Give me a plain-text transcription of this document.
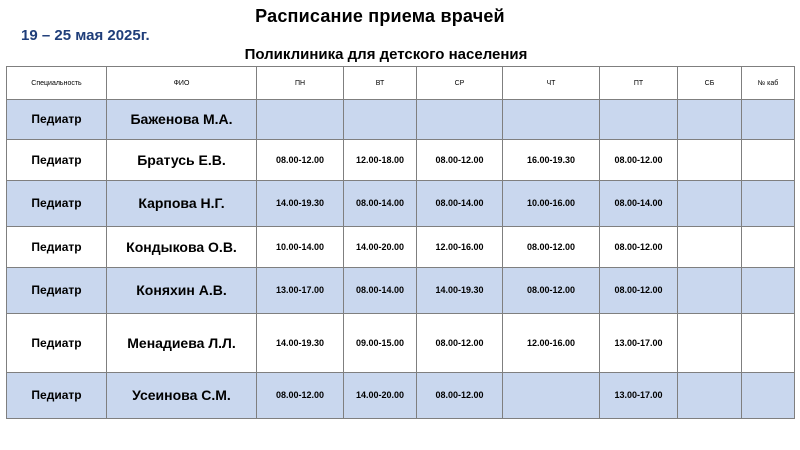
Расписание приема врачей
19 – 25 мая 2025г.
Поликлиника для детского населения
Специальность	ФИО	ПН	ВТ	СР	ЧТ	ПТ	СБ	№ каб
Педиатр	Баженова М.А.							
Педиатр	Братусь Е.В.	08.00-12.00	12.00-18.00	08.00-12.00	16.00-19.30	08.00-12.00		
Педиатр	Карпова Н.Г.	14.00-19.30	08.00-14.00	08.00-14.00	10.00-16.00	08.00-14.00		
Педиатр	Кондыкова О.В.	10.00-14.00	14.00-20.00	12.00-16.00	08.00-12.00	08.00-12.00		
Педиатр	Коняхин А.В.	13.00-17.00	08.00-14.00	14.00-19.30	08.00-12.00	08.00-12.00		
Педиатр	Менадиева Л.Л.	14.00-19.30	09.00-15.00	08.00-12.00	12.00-16.00	13.00-17.00		
Педиатр	Усеинова С.М.	08.00-12.00	14.00-20.00	08.00-12.00		13.00-17.00		
